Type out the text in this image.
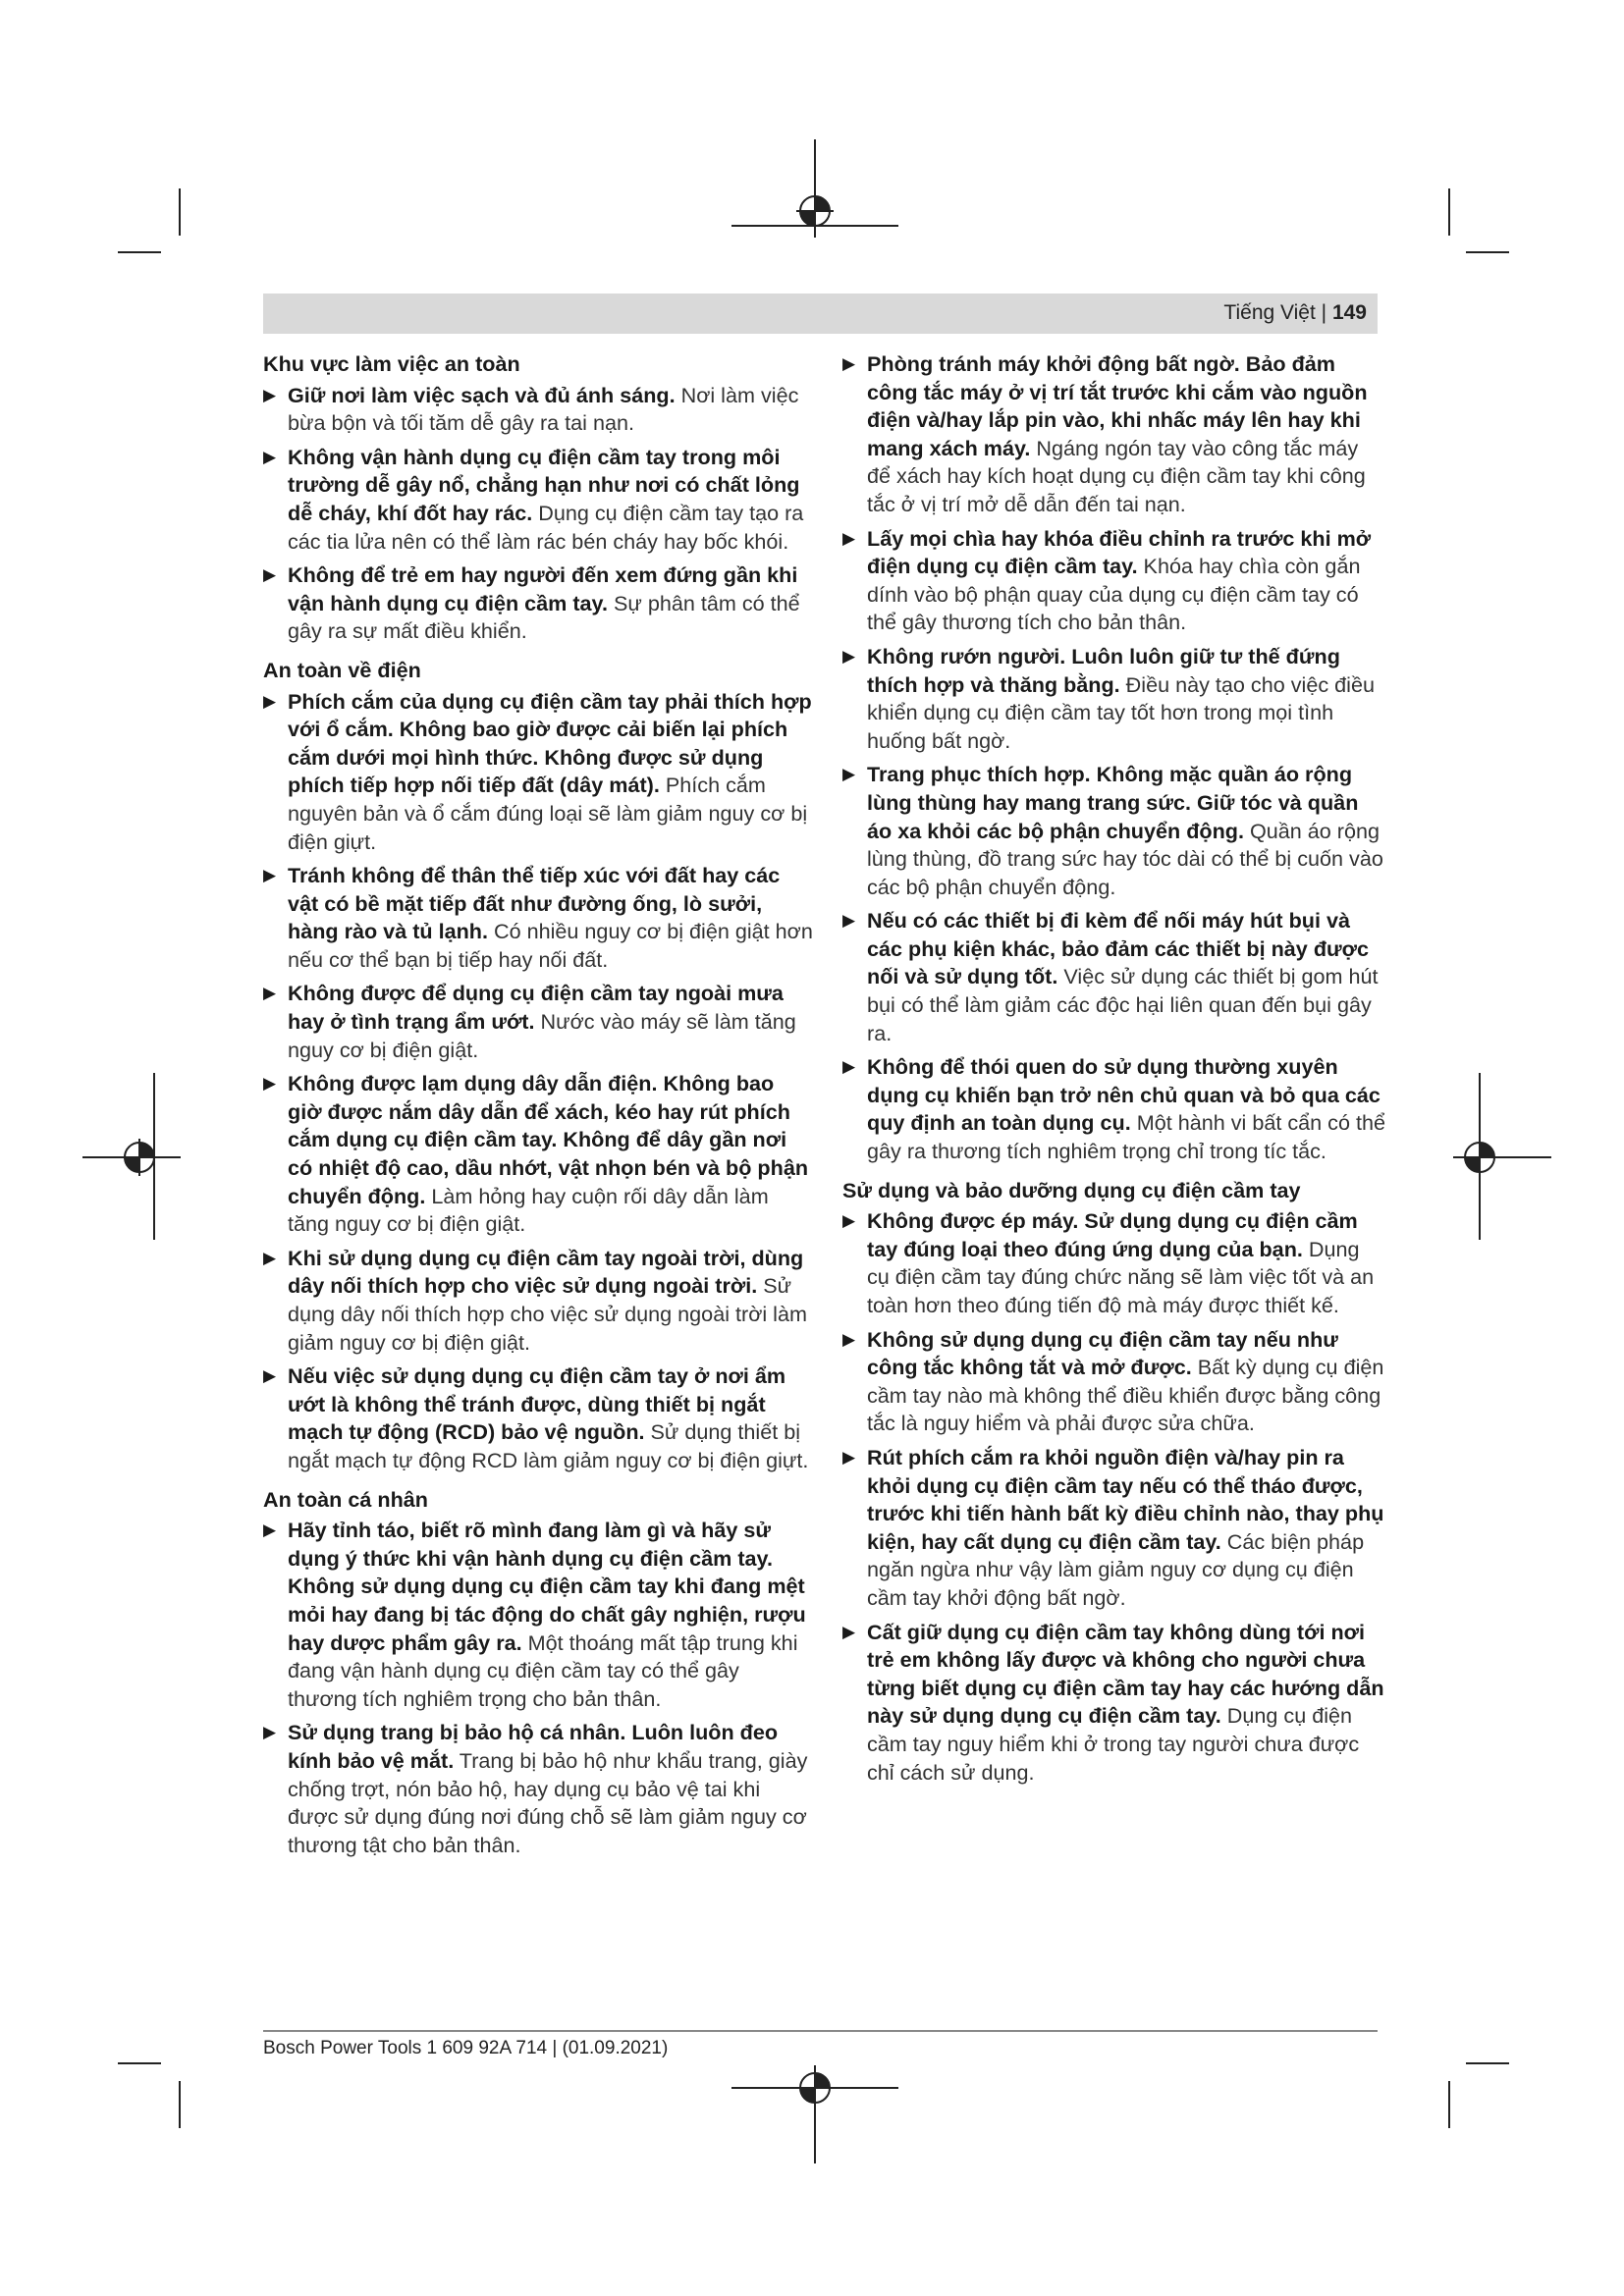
Tiếng Việt | 149
Khu vực làm việc an toàn
▶ Giữ nơi làm việc sạch và đủ ánh sáng. Nơi làm việc bừa bộn và tối tăm dễ gây ra tai nạn.
▶ Không vận hành dụng cụ điện cầm tay trong môi trường dễ gây nổ, chẳng hạn như nơi có chất lỏng dễ cháy, khí đốt hay rác. Dụng cụ điện cầm tay tạo ra các tia lửa nên có thể làm rác bén cháy hay bốc khói.
▶ Không để trẻ em hay người đến xem đứng gần khi vận hành dụng cụ điện cầm tay. Sự phân tâm có thể gây ra sự mất điều khiển.
An toàn về điện
▶ Phích cắm của dụng cụ điện cầm tay phải thích hợp với ổ cắm. Không bao giờ được cải biến lại phích cắm dưới mọi hình thức. Không được sử dụng phích tiếp hợp nối tiếp đất (dây mát). Phích cắm nguyên bản và ổ cắm đúng loại sẽ làm giảm nguy cơ bị điện giựt.
▶ Tránh không để thân thể tiếp xúc với đất hay các vật có bề mặt tiếp đất như đường ống, lò sưởi, hàng rào và tủ lạnh. Có nhiều nguy cơ bị điện giật hơn nếu cơ thể bạn bị tiếp hay nối đất.
▶ Không được để dụng cụ điện cầm tay ngoài mưa hay ở tình trạng ẩm ướt. Nước vào máy sẽ làm tăng nguy cơ bị điện giật.
▶ Không được lạm dụng dây dẫn điện. Không bao giờ được nắm dây dẫn để xách, kéo hay rút phích cắm dụng cụ điện cầm tay. Không để dây gần nơi có nhiệt độ cao, dầu nhớt, vật nhọn bén và bộ phận chuyển động. Làm hỏng hay cuộn rối dây dẫn làm tăng nguy cơ bị điện giật.
▶ Khi sử dụng dụng cụ điện cầm tay ngoài trời, dùng dây nối thích hợp cho việc sử dụng ngoài trời. Sử dụng dây nối thích hợp cho việc sử dụng ngoài trời làm giảm nguy cơ bị điện giật.
▶ Nếu việc sử dụng dụng cụ điện cầm tay ở nơi ẩm ướt là không thể tránh được, dùng thiết bị ngắt mạch tự động (RCD) bảo vệ nguồn. Sử dụng thiết bị ngắt mạch tự động RCD làm giảm nguy cơ bị điện giựt.
An toàn cá nhân
▶ Hãy tỉnh táo, biết rõ mình đang làm gì và hãy sử dụng ý thức khi vận hành dụng cụ điện cầm tay. Không sử dụng dụng cụ điện cầm tay khi đang mệt mỏi hay đang bị tác động do chất gây nghiện, rượu hay dược phẩm gây ra. Một thoáng mất tập trung khi đang vận hành dụng cụ điện cầm tay có thể gây thương tích nghiêm trọng cho bản thân.
▶ Sử dụng trang bị bảo hộ cá nhân. Luôn luôn đeo kính bảo vệ mắt. Trang bị bảo hộ như khẩu trang, giày chống trợt, nón bảo hộ, hay dụng cụ bảo vệ tai khi được sử dụng đúng nơi đúng chỗ sẽ làm giảm nguy cơ thương tật cho bản thân.
▶ Phòng tránh máy khởi động bất ngờ. Bảo đảm công tắc máy ở vị trí tắt trước khi cắm vào nguồn điện và/hay lắp pin vào, khi nhấc máy lên hay khi mang xách máy. Ngáng ngón tay vào công tắc máy để xách hay kích hoạt dụng cụ điện cầm tay khi công tắc ở vị trí mở dễ dẫn đến tai nạn.
▶ Lấy mọi chìa hay khóa điều chỉnh ra trước khi mở điện dụng cụ điện cầm tay. Khóa hay chìa còn gắn dính vào bộ phận quay của dụng cụ điện cầm tay có thể gây thương tích cho bản thân.
▶ Không rướn người. Luôn luôn giữ tư thế đứng thích hợp và thăng bằng. Điều này tạo cho việc điều khiển dụng cụ điện cầm tay tốt hơn trong mọi tình huống bất ngờ.
▶ Trang phục thích hợp. Không mặc quần áo rộng lùng thùng hay mang trang sức. Giữ tóc và quần áo xa khỏi các bộ phận chuyển động. Quần áo rộng lùng thùng, đồ trang sức hay tóc dài có thể bị cuốn vào các bộ phận chuyển động.
▶ Nếu có các thiết bị đi kèm để nối máy hút bụi và các phụ kiện khác, bảo đảm các thiết bị này được nối và sử dụng tốt. Việc sử dụng các thiết bị gom hút bụi có thể làm giảm các độc hại liên quan đến bụi gây ra.
▶ Không để thói quen do sử dụng thường xuyên dụng cụ khiến bạn trở nên chủ quan và bỏ qua các quy định an toàn dụng cụ. Một hành vi bất cẩn có thể gây ra thương tích nghiêm trọng chỉ trong tíc tắc.
Sử dụng và bảo dưỡng dụng cụ điện cầm tay
▶ Không được ép máy. Sử dụng dụng cụ điện cầm tay đúng loại theo đúng ứng dụng của bạn. Dụng cụ điện cầm tay đúng chức năng sẽ làm việc tốt và an toàn hơn theo đúng tiến độ mà máy được thiết kế.
▶ Không sử dụng dụng cụ điện cầm tay nếu như công tắc không tắt và mở được. Bất kỳ dụng cụ điện cầm tay nào mà không thể điều khiển được bằng công tắc là nguy hiểm và phải được sửa chữa.
▶ Rút phích cắm ra khỏi nguồn điện và/hay pin ra khỏi dụng cụ điện cầm tay nếu có thể tháo được, trước khi tiến hành bất kỳ điều chỉnh nào, thay phụ kiện, hay cất dụng cụ điện cầm tay. Các biện pháp ngăn ngừa như vậy làm giảm nguy cơ dụng cụ điện cầm tay khởi động bất ngờ.
▶ Cất giữ dụng cụ điện cầm tay không dùng tới nơi trẻ em không lấy được và không cho người chưa từng biết dụng cụ điện cầm tay hay các hướng dẫn này sử dụng dụng cụ điện cầm tay. Dụng cụ điện cầm tay nguy hiểm khi ở trong tay người chưa được chỉ cách sử dụng.
Bosch Power Tools 1 609 92A 714 | (01.09.2021)
